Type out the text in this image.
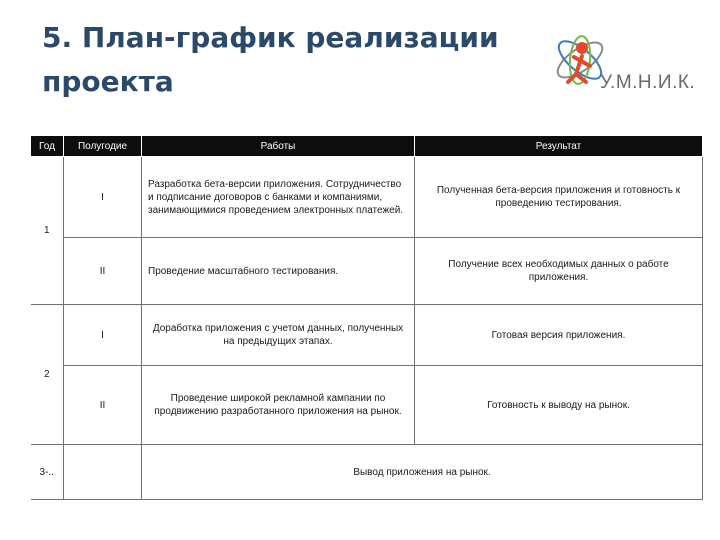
5. План-график реализации проекта	У.М.Н.И.К.
Год	Полугодие	Работы	Результат
1	I	Разработка бета-версии приложения. Сотрудничество и подписание договоров с банками и компаниями, занимающимися проведением электронных платежей.	Полученная бета-версия приложения и готовность к проведению тестирования.
	II	Проведение масштабного тестирования.	Получение всех необходимых данных о работе приложения.
2	I	Доработка приложения с учетом данных, полученных на предыдущих этапах.	Готовая версия приложения.
	II	Проведение широкой рекламной кампании по продвижению разработанного приложения на рынок.	Готовность к выводу на рынок.
3-..		Вывод приложения на рынок.	
